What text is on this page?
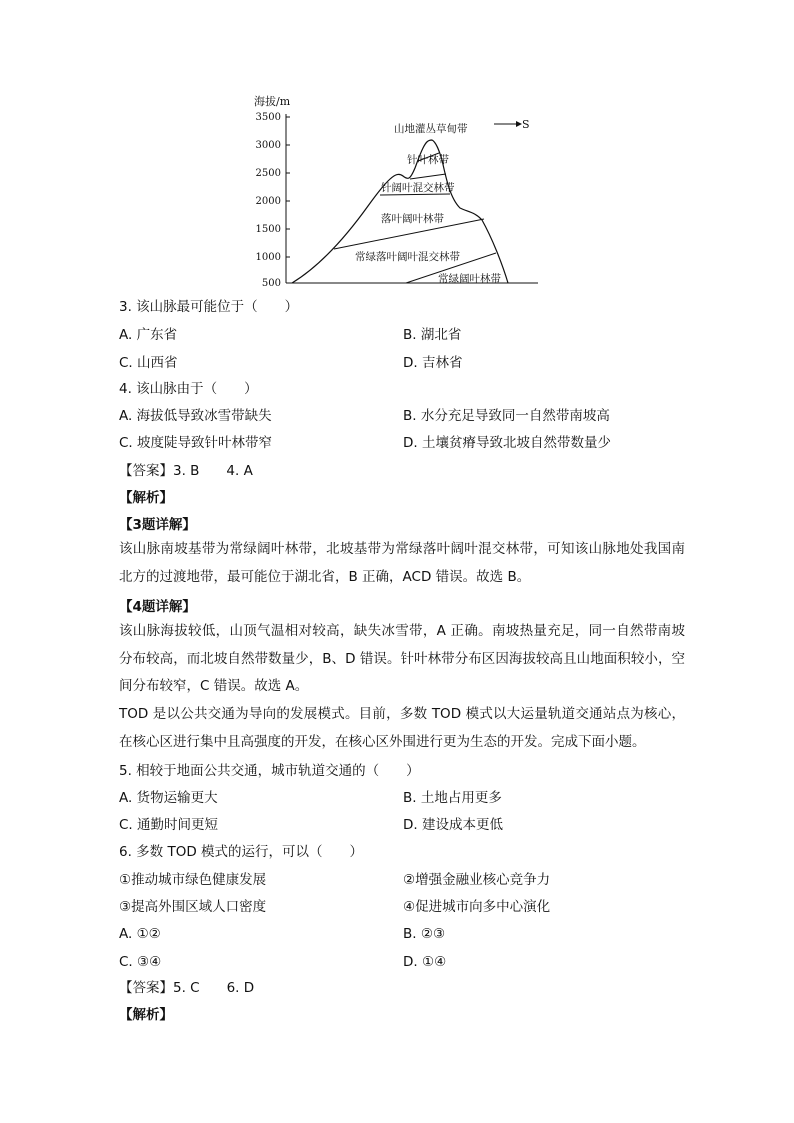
海拔/m
3500
3000
2500
2000
1500
1000
500
S
山地灌丛草甸带
针叶林带
针阔叶混交林带
落叶阔叶林带
常绿落叶阔叶混交林带
常绿阔叶林带
3. 该山脉最可能位于（　　）
A. 广东省	B. 湖北省
C. 山西省	D. 吉林省
4. 该山脉由于（　　）
A. 海拔低导致冰雪带缺失	B. 水分充足导致同一自然带南坡高
C. 坡度陡导致针叶林带窄	D. 土壤贫瘠导致北坡自然带数量少
【答案】3. B　　4. A
【解析】
【3题详解】

该山脉南坡基带为常绿阔叶林带，北坡基带为常绿落叶阔叶混交林带，可知该山脉地处我国南北方的过渡地带，最可能位于湖北省，B 正确，ACD 错误。故选 B。

【4题详解】

该山脉海拔较低，山顶气温相对较高，缺失冰雪带，A 正确。南坡热量充足，同一自然带南坡分布较高，而北坡自然带数量少，B、D 错误。针叶林带分布区因海拔较高且山地面积较小，空间分布较窄，C 错误。故选 A。

TOD 是以公共交通为导向的发展模式。目前，多数 TOD 模式以大运量轨道交通站点为核心，在核心区进行集中且高强度的开发，在核心区外围进行更为生态的开发。完成下面小题。

5. 相较于地面公共交通，城市轨道交通的（　　）
A. 货物运输更大	B. 土地占用更多
C. 通勤时间更短	D. 建设成本更低
6. 多数 TOD 模式的运行，可以（　　）
①推动城市绿色健康发展	②增强金融业核心竞争力
③提高外围区域人口密度	④促进城市向多中心演化
A. ①②	B. ②③
C. ③④	D. ①④
【答案】5. C　　6. D
【解析】
